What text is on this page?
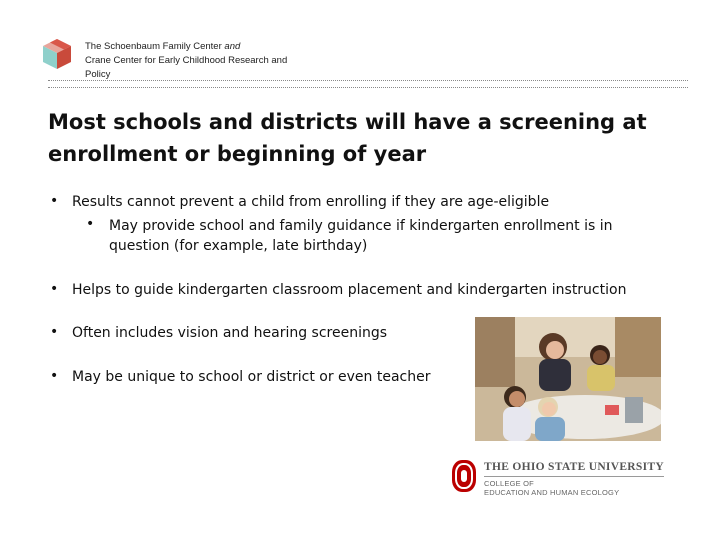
The Schoenbaum Family Center and
Crane Center for Early Childhood Research and
Policy
Most schools and districts will have a screening at
enrollment or beginning of year
• Results cannot prevent a child from enrolling if they are age-eligible
• May provide school and family guidance if kindergarten enrollment is in question (for example, late birthday)
• Helps to guide kindergarten classroom placement and kindergarten instruction
• Often includes vision and hearing screenings
• May be unique to school or district or even teacher
THE OHIO STATE UNIVERSITY
COLLEGE OF
EDUCATION AND HUMAN ECOLOGY
